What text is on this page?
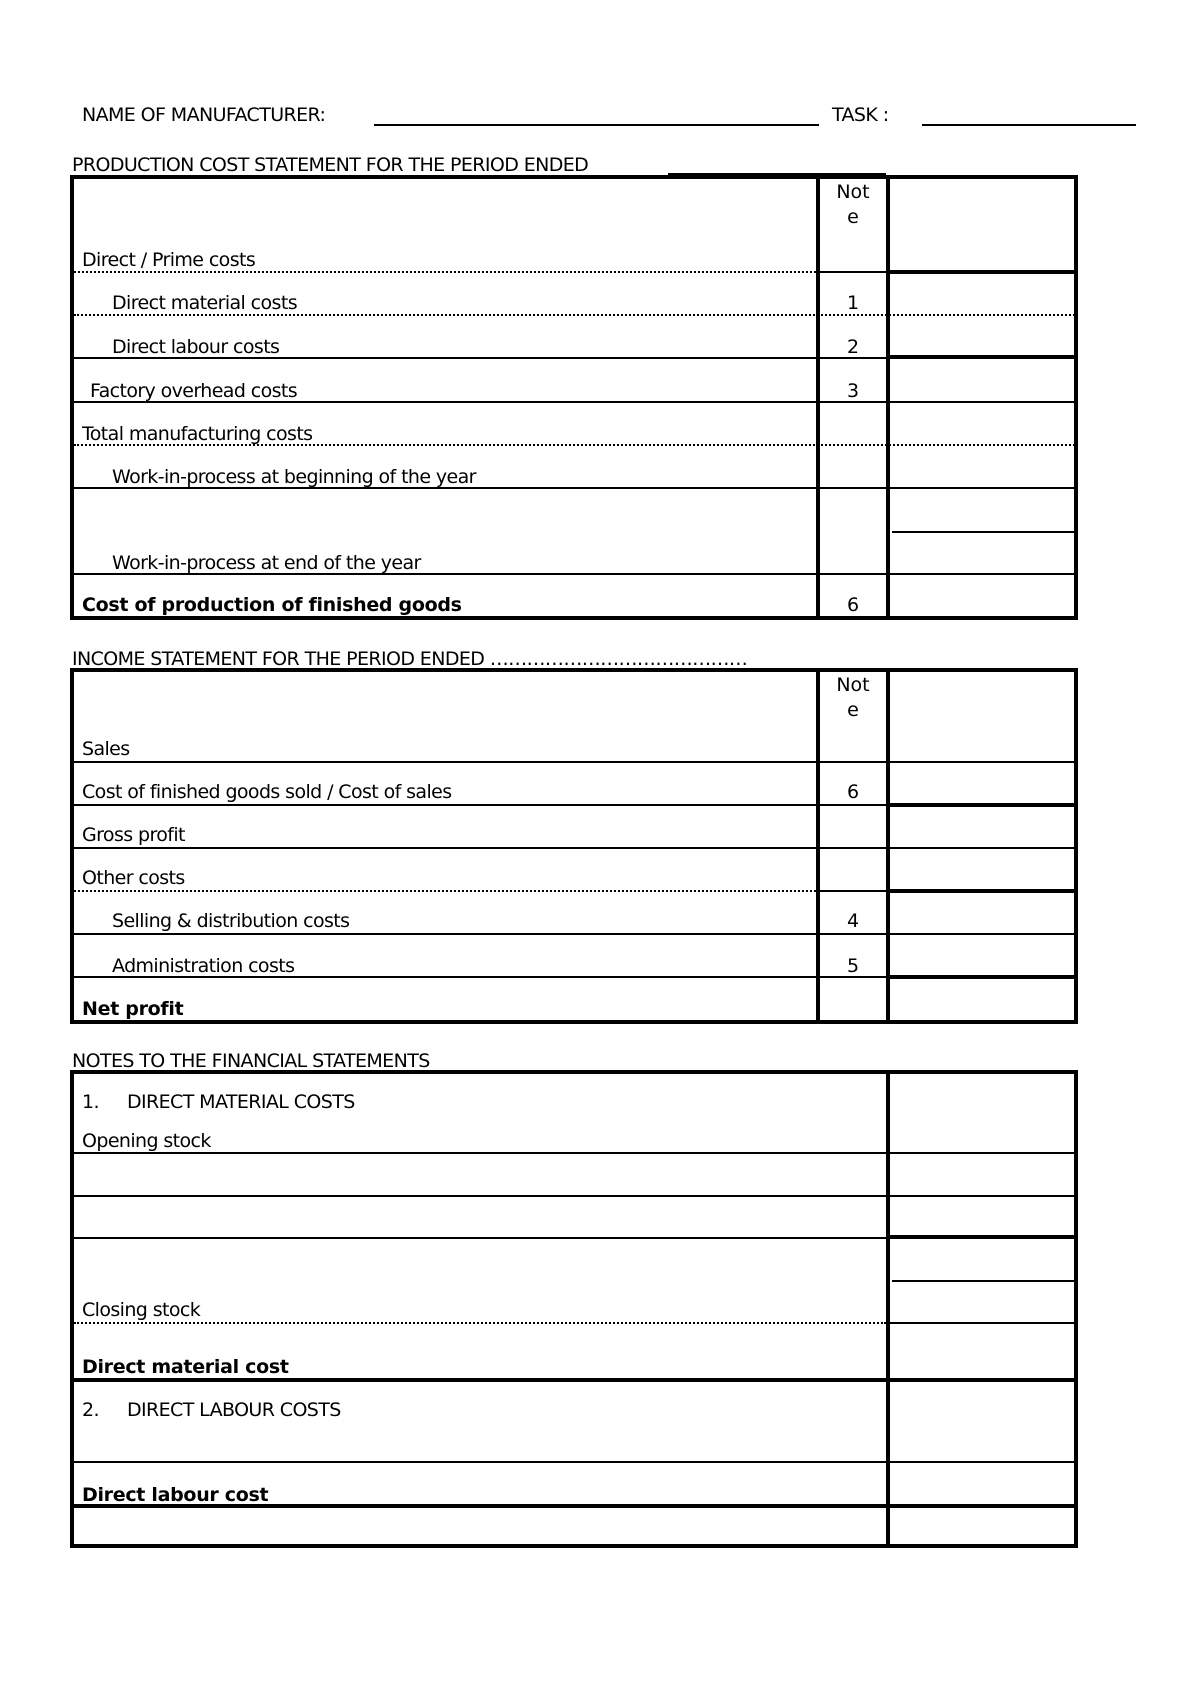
NAME OF MANUFACTURER:	TASK :
PRODUCTION COST STATEMENT FOR THE PERIOD ENDED
Not
e
Direct / Prime costs
Direct material costs
Direct labour costs
Factory overhead costs
Total manufacturing costs
Work-in-process at beginning of the year
Work-in-process at end of the year
Cost of production of finished goods
1
2
3
6
INCOME STATEMENT FOR THE PERIOD ENDED ……………………………………
Not
e
Sales
Cost of finished goods sold / Cost of sales
Gross profit
Other costs
Selling & distribution costs
Administration costs
Net profit
6
4
5
NOTES TO THE FINANCIAL STATEMENTS
1. DIRECT MATERIAL COSTS
Opening stock
Closing stock
Direct material cost
2. DIRECT LABOUR COSTS
Direct labour cost
